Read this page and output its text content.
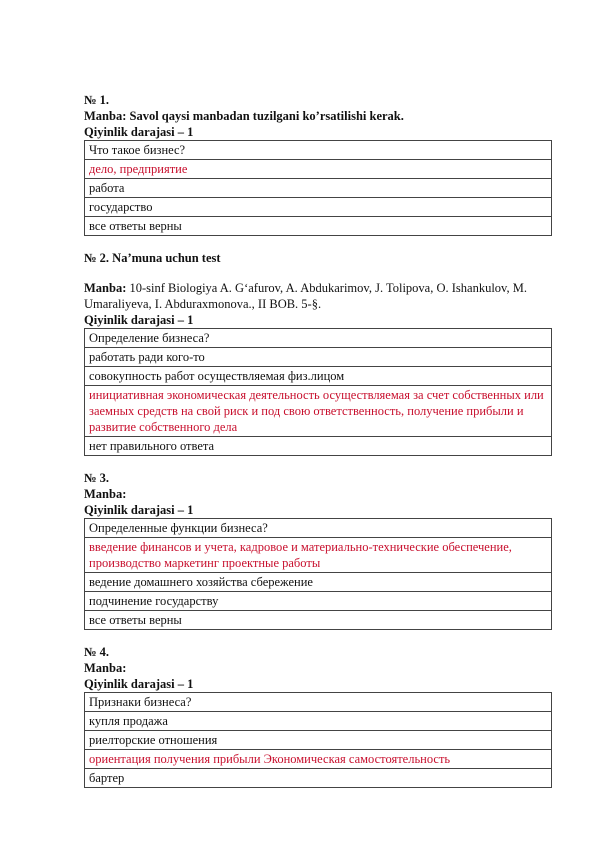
№ 1.
Manba: Savol qaysi manbadan tuzilgani ko’rsatilishi kerak.
Qiyinlik darajasi – 1
Что такое бизнес?
дело, предприятие
работа
государство
все ответы верны
№ 2. Na’muna uchun test
Manba: 10-sinf Biologiya A. G‘afurov, A. Abdukarimov, J. Tolipova, O. Ishankulov, M. Umaraliyeva, I. Abduraxmonova., II BOB. 5-§.
Qiyinlik darajasi – 1
Определение бизнеса?
работать ради кого-то
совокупность работ осуществляемая физ.лицом
инициативная экономическая деятельность осуществляемая за счет собственных или заемных средств на свой риск и под свою ответственность, получение прибыли и развитие собственного дела
нет правильного ответа
№ 3.
Manba:
Qiyinlik darajasi – 1
Определенные функции бизнеса?
введение финансов и учета, кадровое и материально-технические обеспечение, производство маркетинг проектные работы
ведение домашнего хозяйства сбережение
подчинение государству
все ответы верны
№ 4.
Manba:
Qiyinlik darajasi – 1
Признаки бизнеса?
купля продажа
риелторские отношения
ориентация получения прибыли Экономическая самостоятельность
бартер
